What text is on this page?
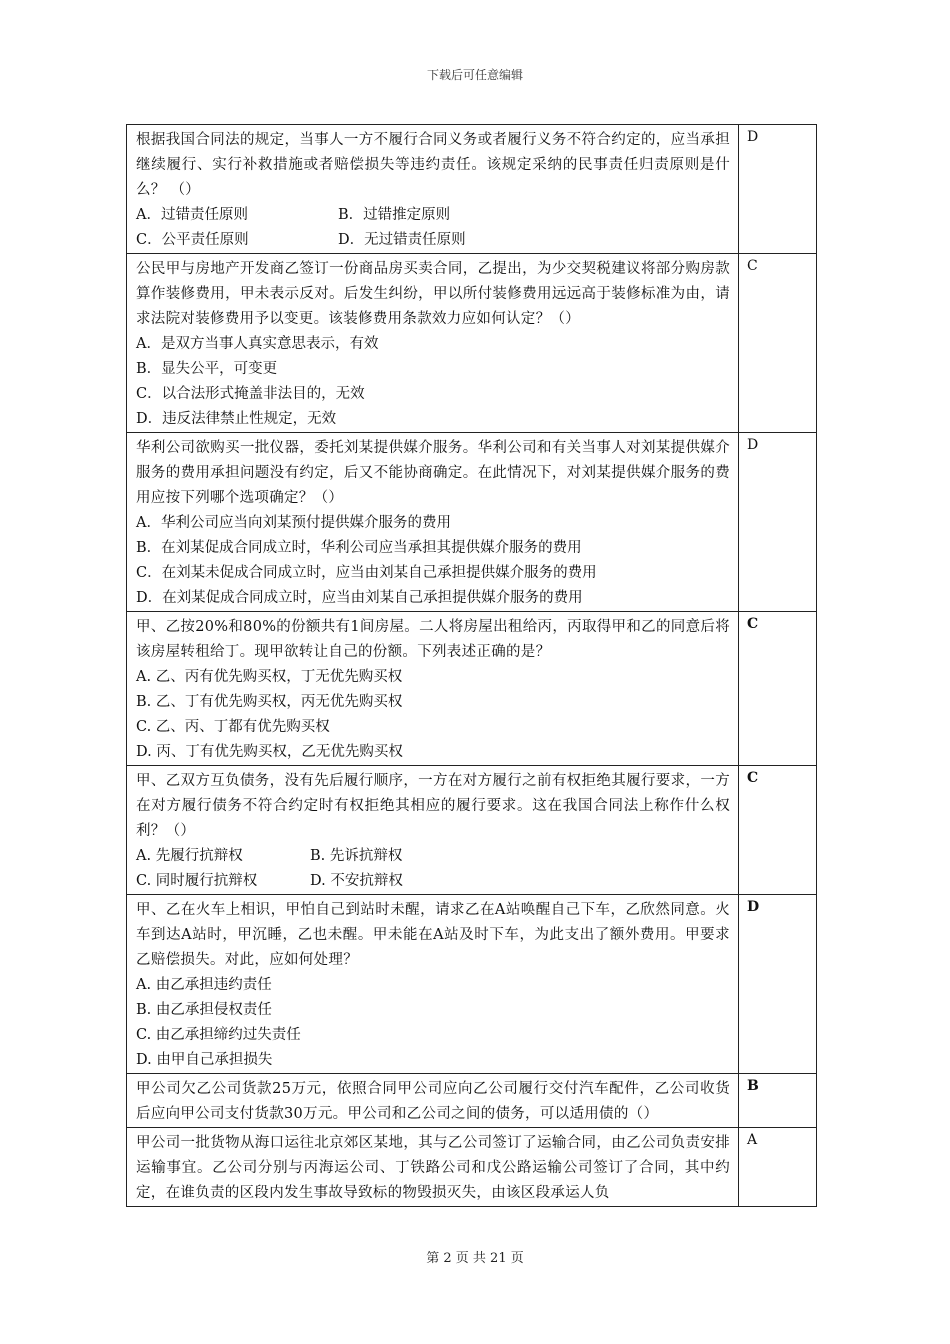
下载后可任意编辑
根据我国合同法的规定，当事人一方不履行合同义务或者履行义务不符合约定的，应当承担继续履行、实行补救措施或者赔偿损失等违约责任。该规定采纳的民事责任归责原则是什么？ （）
A．过错责任原则 B．过错推定原则
C．公平责任原则 D．无过错责任原则	D

公民甲与房地产开发商乙签订一份商品房买卖合同，乙提出，为少交契税建议将部分购房款算作装修费用，甲未表示反对。后发生纠纷，甲以所付装修费用远远高于装修标准为由，请求法院对装修费用予以变更。该装修费用条款效力应如何认定？（）
A．是双方当事人真实意思表示，有效
B．显失公平，可变更
C．以合法形式掩盖非法目的，无效
D．违反法律禁止性规定，无效	C

华利公司欲购买一批仪器，委托刘某提供媒介服务。华利公司和有关当事人对刘某提供媒介服务的费用承担问题没有约定，后又不能协商确定。在此情况下，对刘某提供媒介服务的费用应按下列哪个选项确定？（）
A．华利公司应当向刘某预付提供媒介服务的费用
B．在刘某促成合同成立时，华利公司应当承担其提供媒介服务的费用
C．在刘某未促成合同成立时，应当由刘某自己承担提供媒介服务的费用
D．在刘某促成合同成立时，应当由刘某自己承担提供媒介服务的费用	D

甲、乙按20%和80%的份额共有1间房屋。二人将房屋出租给丙，丙取得甲和乙的同意后将该房屋转租给丁。现甲欲转让自己的份额。下列表述正确的是？
A. 乙、丙有优先购买权，丁无优先购买权
B. 乙、丁有优先购买权，丙无优先购买权
C. 乙、丙、丁都有优先购买权
D. 丙、丁有优先购买权，乙无优先购买权	C

甲、乙双方互负债务，没有先后履行顺序，一方在对方履行之前有权拒绝其履行要求，一方在对方履行债务不符合约定时有权拒绝其相应的履行要求。这在我国合同法上称作什么权利？（）
A. 先履行抗辩权 B. 先诉抗辩权
C. 同时履行抗辩权 D. 不安抗辩权	C

甲、乙在火车上相识，甲怕自己到站时未醒，请求乙在A站唤醒自己下车，乙欣然同意。火车到达A站时，甲沉睡，乙也未醒。甲未能在A站及时下车，为此支出了额外费用。甲要求乙赔偿损失。对此，应如何处理？
A. 由乙承担违约责任
B. 由乙承担侵权责任
C. 由乙承担缔约过失责任
D. 由甲自己承担损失	D

甲公司欠乙公司货款25万元，依照合同甲公司应向乙公司履行交付汽车配件，乙公司收货后应向甲公司支付货款30万元。甲公司和乙公司之间的债务，可以适用债的（）	B

甲公司一批货物从海口运往北京郊区某地，其与乙公司签订了运输合同，由乙公司负责安排运输事宜。乙公司分别与丙海运公司、丁铁路公司和戊公路运输公司签订了合同，其中约定，在谁负责的区段内发生事故导致标的物毁损灭失，由该区段承运人负	A
第 2 页 共 21 页
